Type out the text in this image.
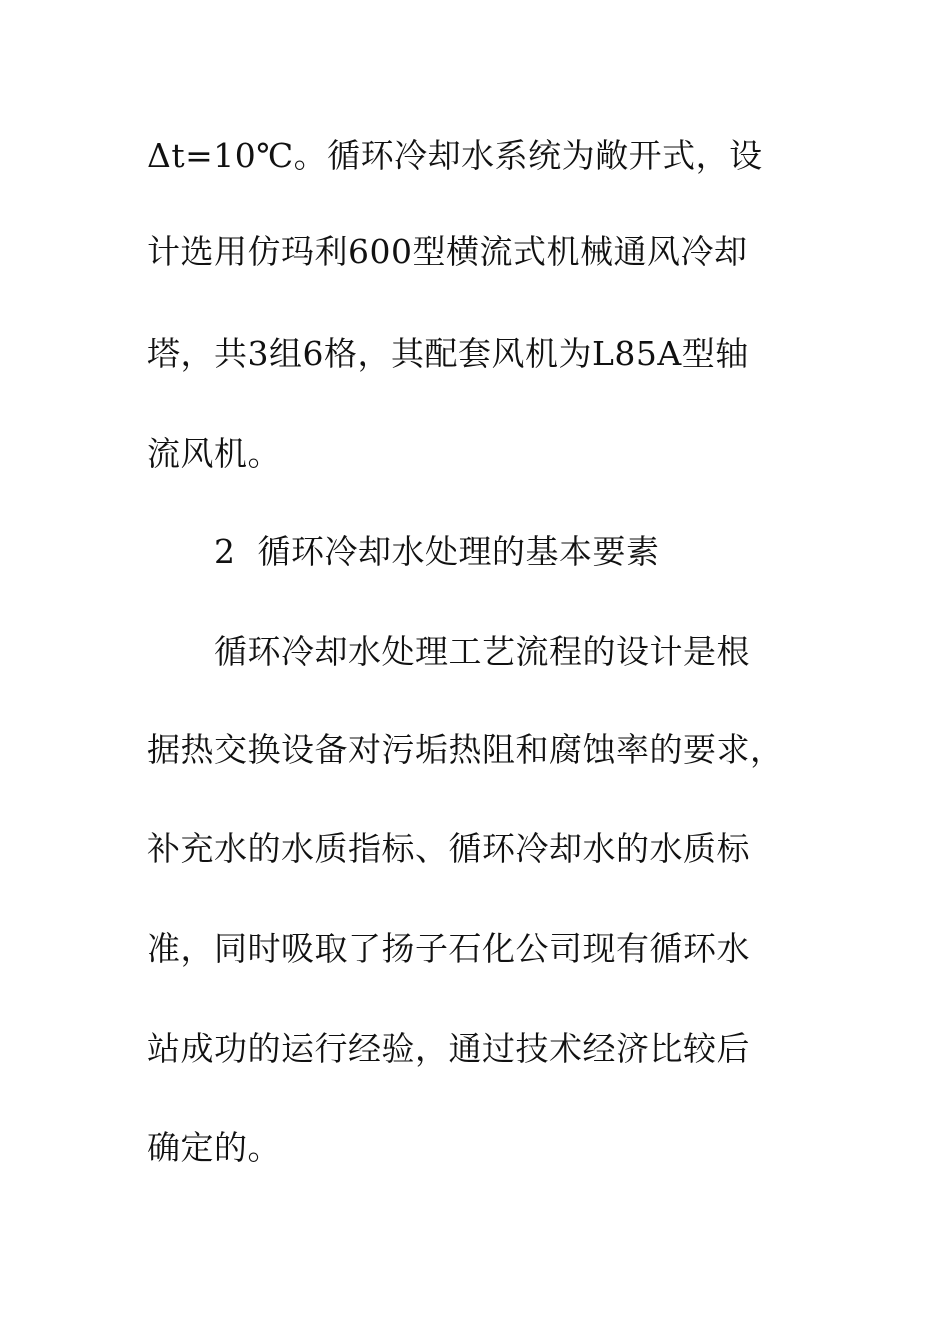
Δt=10℃。循环冷却水系统为敞开式，设
计选用仿玛利600型横流式机械通风冷却
塔，共3组6格，其配套风机为L85A型轴
流风机。
2 循环冷却水处理的基本要素
循环冷却水处理工艺流程的设计是根
据热交换设备对污垢热阻和腐蚀率的要求，
补充水的水质指标、循环冷却水的水质标
准，同时吸取了扬子石化公司现有循环水
站成功的运行经验，通过技术经济比较后
确定的。
